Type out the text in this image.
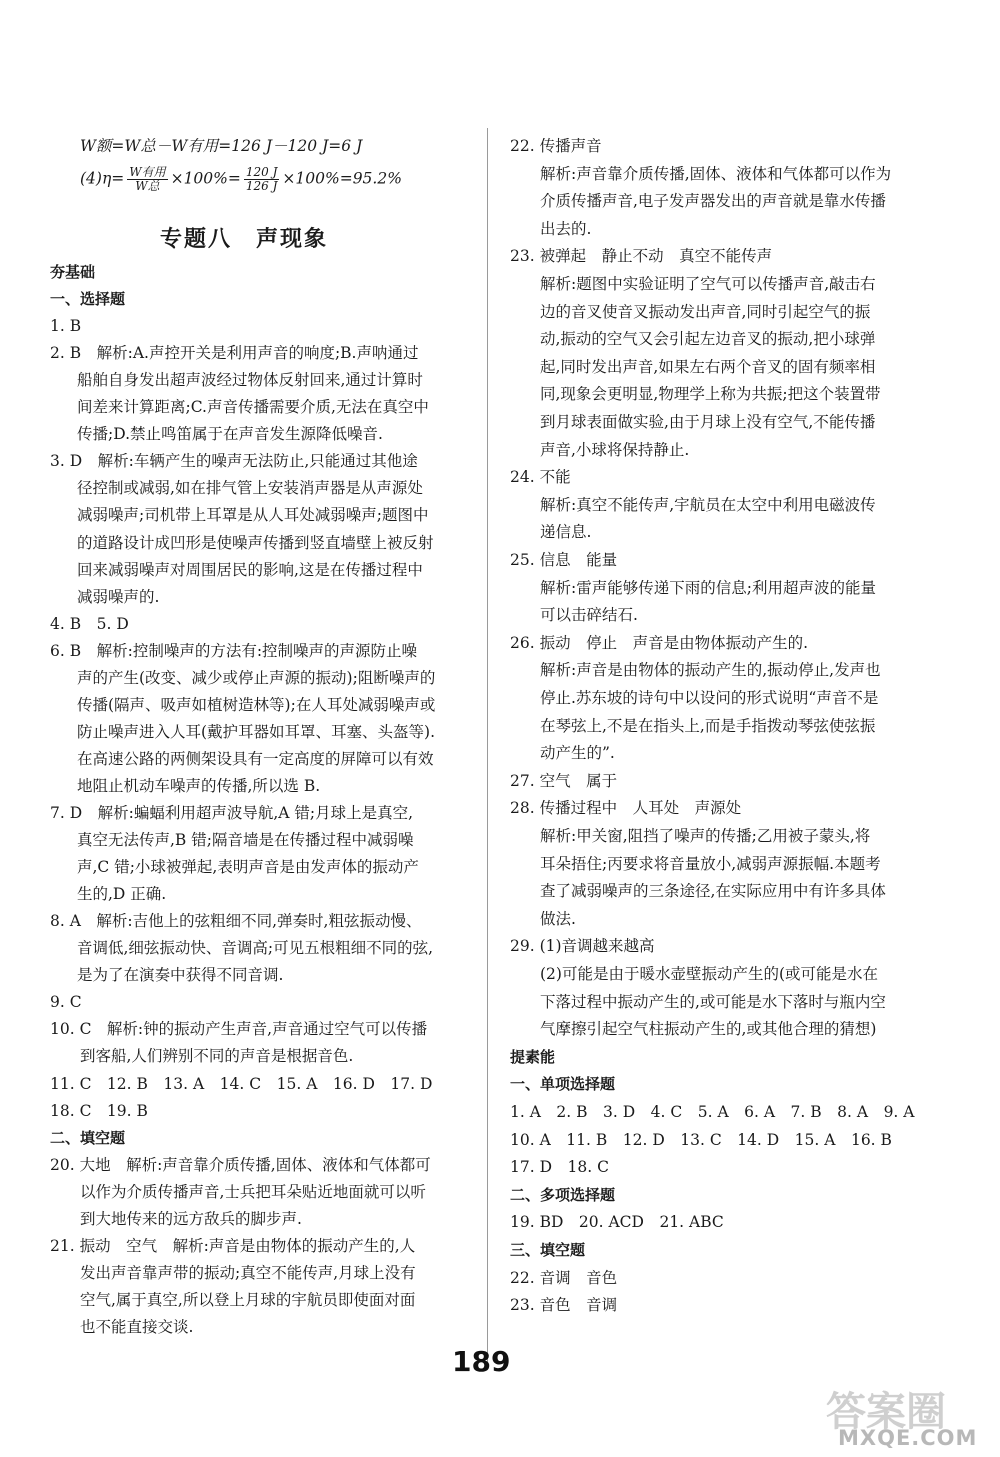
W额=W总－W有用=126 J－120 J=6 J
$(4)\eta= \frac{\text{W有用}}{\text{W总}} \times 100\%= \frac{120 J}{126 J} \times 100\%=95.2\%$
专题八　声现象
夯基础
一、选择题
1. B
2. B　解析:A.声控开关是利用声音的响度;B.声呐通过
船舶自身发出超声波经过物体反射回来,通过计算时
间差来计算距离;C.声音传播需要介质,无法在真空中
传播;D.禁止鸣笛属于在声音发生源降低噪音.
3. D　解析:车辆产生的噪声无法防止,只能通过其他途
径控制或减弱,如在排气管上安装消声器是从声源处
减弱噪声;司机带上耳罩是从人耳处减弱噪声;题图中
的道路设计成凹形是使噪声传播到竖直墙壁上被反射
回来减弱噪声对周围居民的影响,这是在传播过程中
减弱噪声的.
4. B　5. D
6. B　解析:控制噪声的方法有:控制噪声的声源防止噪
声的产生(改变、减少或停止声源的振动);阻断噪声的
传播(隔声、吸声如植树造林等);在人耳处减弱噪声或
防止噪声进入人耳(戴护耳器如耳罩、耳塞、头盔等).
在高速公路的两侧架设具有一定高度的屏障可以有效
地阻止机动车噪声的传播,所以选 B.
7. D　解析:蝙蝠利用超声波导航,A 错;月球上是真空,
真空无法传声,B 错;隔音墙是在传播过程中减弱噪
声,C 错;小球被弹起,表明声音是由发声体的振动产
生的,D 正确.
8. A　解析:吉他上的弦粗细不同,弹奏时,粗弦振动慢、
音调低,细弦振动快、音调高;可见五根粗细不同的弦,
是为了在演奏中获得不同音调.
9. C
10. C　解析:钟的振动产生声音,声音通过空气可以传播
到客船,人们辨别不同的声音是根据音色.
11. C　12. B　13. A　14. C　15. A　16. D　17. D
18. C　19. B
二、填空题
20. 大地　解析:声音靠介质传播,固体、液体和气体都可
以作为介质传播声音,士兵把耳朵贴近地面就可以听
到大地传来的远方敌兵的脚步声.
21. 振动　空气　解析:声音是由物体的振动产生的,人
发出声音靠声带的振动;真空不能传声,月球上没有
空气,属于真空,所以登上月球的宇航员即使面对面
也不能直接交谈.
22. 传播声音
解析:声音靠介质传播,固体、液体和气体都可以作为
介质传播声音,电子发声器发出的声音就是靠水传播
出去的.
23. 被弹起　静止不动　真空不能传声
解析:题图中实验证明了空气可以传播声音,敲击右
边的音叉使音叉振动发出声音,同时引起空气的振
动,振动的空气又会引起左边音叉的振动,把小球弹
起,同时发出声音,如果左右两个音叉的固有频率相
同,现象会更明显,物理学上称为共振;把这个装置带
到月球表面做实验,由于月球上没有空气,不能传播
声音,小球将保持静止.
24. 不能
解析:真空不能传声,宇航员在太空中利用电磁波传
递信息.
25. 信息　能量
解析:雷声能够传递下雨的信息;利用超声波的能量
可以击碎结石.
26. 振动　停止　声音是由物体振动产生的.
解析:声音是由物体的振动产生的,振动停止,发声也
停止.苏东坡的诗句中以设问的形式说明“声音不是
在琴弦上,不是在指头上,而是手指拨动琴弦使弦振
动产生的”.
27. 空气　属于
28. 传播过程中　人耳处　声源处
解析:甲关窗,阻挡了噪声的传播;乙用被子蒙头,将
耳朵捂住;丙要求将音量放小,减弱声源振幅.本题考
查了减弱噪声的三条途径,在实际应用中有许多具体
做法.
29. (1)音调越来越高
(2)可能是由于暖水壶壁振动产生的(或可能是水在
下落过程中振动产生的,或可能是水下落时与瓶内空
气摩擦引起空气柱振动产生的,或其他合理的猜想)
提素能
一、单项选择题
1. A　2. B　3. D　4. C　5. A　6. A　7. B　8. A　9. A
10. A　11. B　12. D　13. C　14. D　15. A　16. B
17. D　18. C
二、多项选择题
19. BD　20. ACD　21. ABC
三、填空题
22. 音调　音色
23. 音色　音调
189
答案圈
MXQE.COM
